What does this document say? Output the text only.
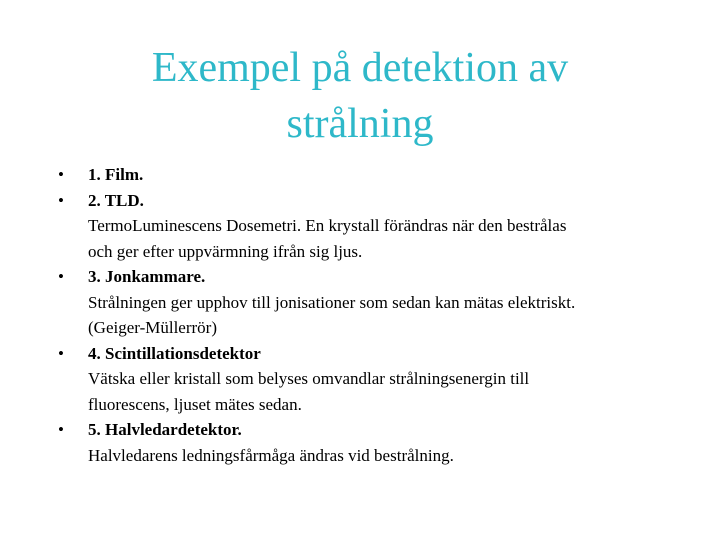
Exempel på detektion av
strålning
• 1. Film.
• 2. TLD.
TermoLuminescens Dosemetri. En krystall förändras när den bestrålas
och ger efter uppvärmning ifrån sig ljus.
• 3. Jonkammare.
Strålningen ger upphov till jonisationer som sedan kan mätas elektriskt.
(Geiger-Müllerrör)
• 4. Scintillationsdetektor
Vätska eller kristall som belyses omvandlar strålningsenergin till
fluorescens, ljuset mätes sedan.
• 5. Halvledardetektor.
Halvledarens ledningsfårmåga ändras vid bestrålning.
